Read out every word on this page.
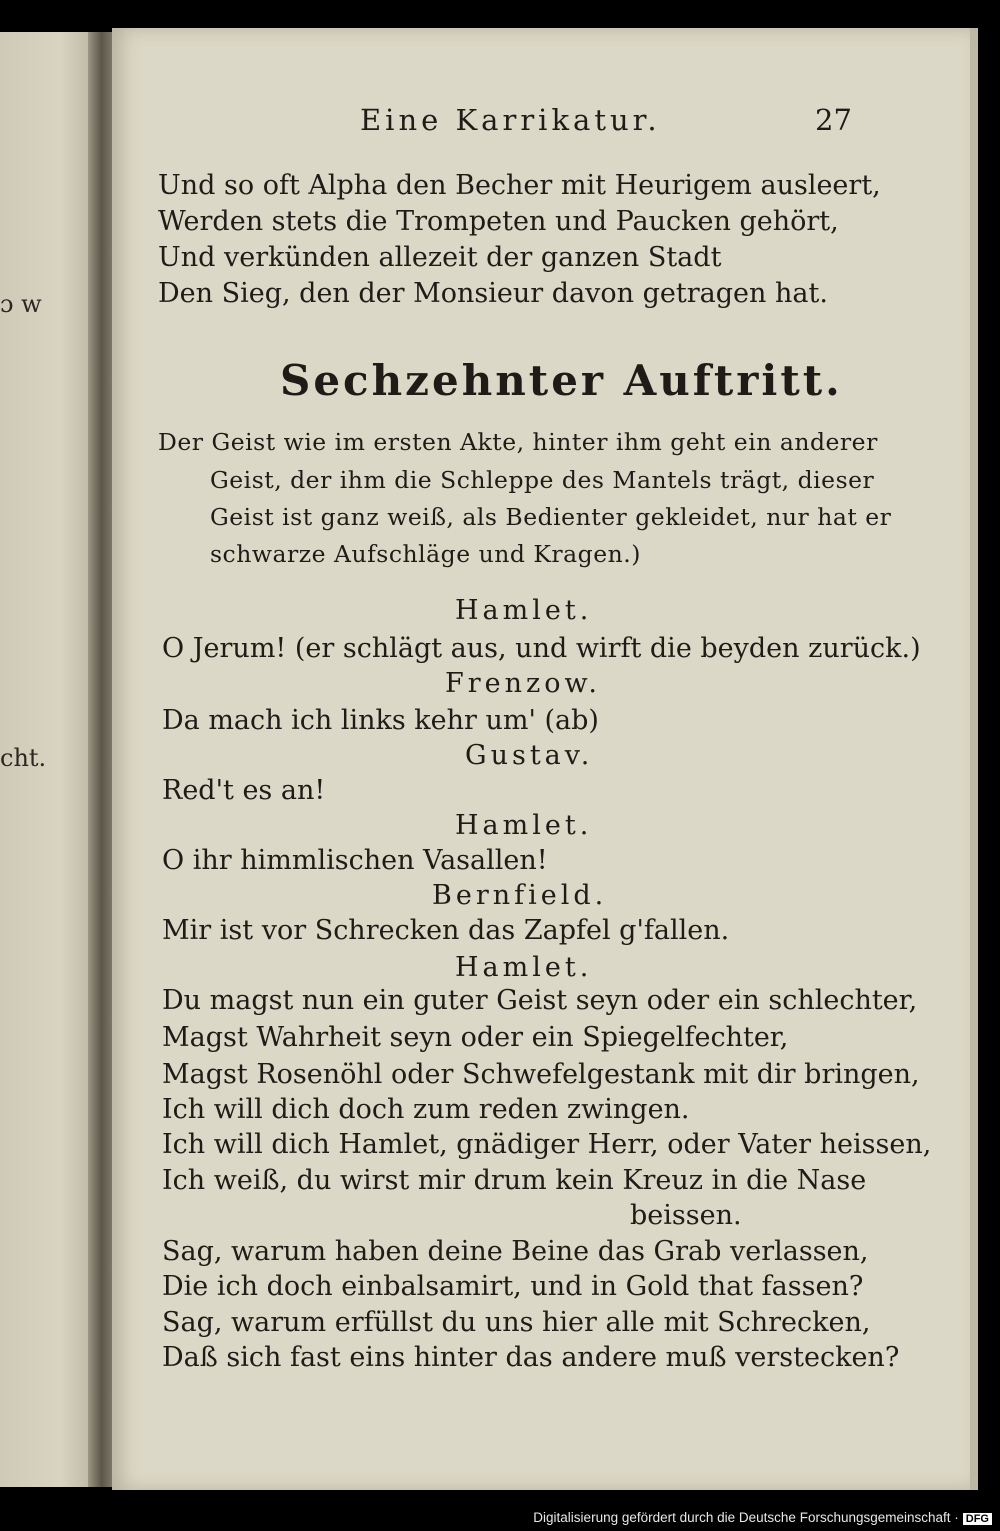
ɔ w
cht.
Eine Karrikatur.	27
Und so oft Alpha den Becher mit Heurigem ausleert,
Werden stets die Trompeten und Paucken gehört,
Und verkünden allezeit der ganzen Stadt
Den Sieg, den der Monsieur davon getragen hat.
Sechzehnter Auftritt.
Der Geist wie im ersten Akte, hinter ihm geht ein anderer
Geist, der ihm die Schleppe des Mantels trägt, dieser
Geist ist ganz weiß, als Bedienter gekleidet, nur hat er
schwarze Aufschläge und Kragen.)
Hamlet.
O Jerum! (er schlägt aus, und wirft die beyden zurück.)
Frenzow.
Da mach ich links kehr um' (ab)
Gustav.
Red't es an!
Hamlet.
O ihr himmlischen Vasallen!
Bernfield.
Mir ist vor Schrecken das Zapfel g'fallen.
Hamlet.
Du magst nun ein guter Geist seyn oder ein schlechter,
Magst Wahrheit seyn oder ein Spiegelfechter,
Magst Rosenöhl oder Schwefelgestank mit dir bringen,
Ich will dich doch zum reden zwingen.
Ich will dich Hamlet, gnädiger Herr, oder Vater heissen,
Ich weiß, du wirst mir drum kein Kreuz in die Nase
beissen.
Sag, warum haben deine Beine das Grab verlassen,
Die ich doch einbalsamirt, und in Gold that fassen?
Sag, warum erfüllst du uns hier alle mit Schrecken,
Daß sich fast eins hinter das andere muß verstecken?
Digitalisierung gefördert durch die Deutsche Forschungsgemeinschaft · DFG
